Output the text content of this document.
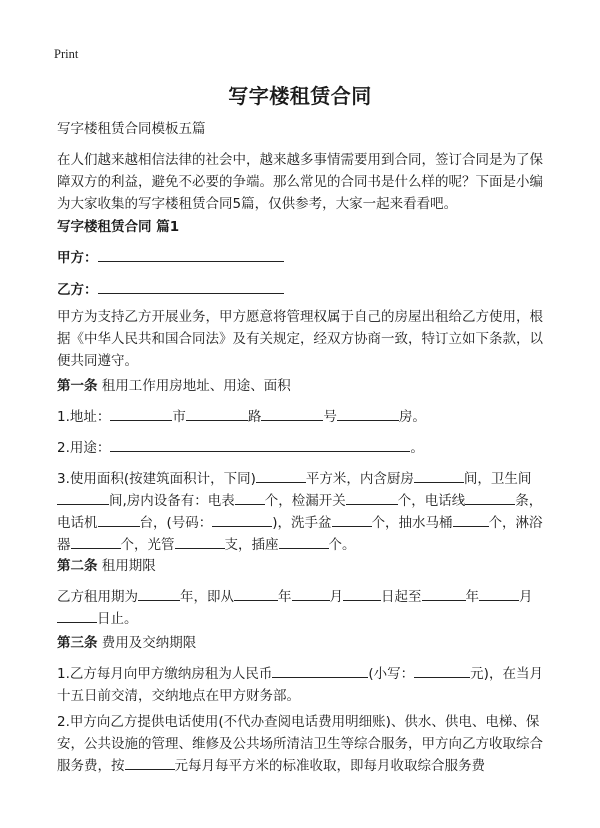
Print
写字楼租赁合同
写字楼租赁合同模板五篇
在人们越来越相信法律的社会中，越来越多事情需要用到合同，签订合同是为了保障双方的利益，避免不必要的争端。那么常见的合同书是什么样的呢？下面是小编为大家收集的写字楼租赁合同5篇，仅供参考，大家一起来看看吧。
写字楼租赁合同 篇1
甲方：
乙方：
甲方为支持乙方开展业务，甲方愿意将管理权属于自己的房屋出租给乙方使用，根据《中华人民共和国合同法》及有关规定，经双方协商一致，特订立如下条款，以便共同遵守。
第一条 租用工作用房地址、用途、面积
1.地址：	市	路	号	房。
2.用途：	。
3.使用面积(按建筑面积计，下同)	平方米，内含厨房	间，卫生间间,房内设备有：电表 个，检漏开关	个，电话线	条，电话机	台，(号码：	)，洗手盆	个，抽水马桶	个，淋浴器	个，光管	支，插座	个。
第二条 租用期限
乙方租用期为	年，即从	年	月	日起至	年	月日止。
第三条 费用及交纳期限
1.乙方每月向甲方缴纳房租为人民币	(小写：	元)，在当月十五日前交清，交纳地点在甲方财务部。
2.甲方向乙方提供电话使用(不代办查阅电话费用明细账)、供水、供电、电梯、保安，公共设施的管理、维修及公共场所清洁卫生等综合服务，甲方向乙方收取综合服务费，按	元每月每平方米的标准收取，即每月收取综合服务费
